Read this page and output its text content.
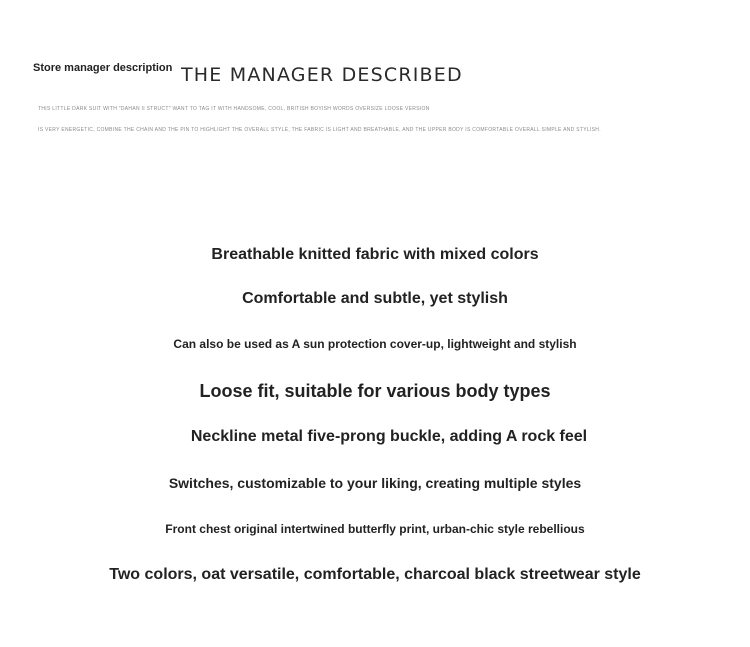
Store manager description THE MANAGER DESCRIBED
THIS LITTLE DARK SUIT WITH "DAHAN II STRUCT" WANT TO TAG IT WITH HANDSOME, COOL, BRITISH BOYISH WORDS OVERSIZE LOOSE VERSION
IS VERY ENERGETIC, COMBINE THE CHAIN AND THE PIN TO HIGHLIGHT THE OVERALL STYLE, THE FABRIC IS LIGHT AND BREATHABLE, AND THE UPPER BODY IS COMFORTABLE OVERALL SIMPLE AND STYLISH.
Breathable knitted fabric with mixed colors
Comfortable and subtle, yet stylish
Can also be used as A sun protection cover-up, lightweight and stylish
Loose fit, suitable for various body types
Neckline metal five-prong buckle, adding A rock feel
Switches, customizable to your liking, creating multiple styles
Front chest original intertwined butterfly print, urban-chic style rebellious
Two colors, oat versatile, comfortable, charcoal black streetwear style
